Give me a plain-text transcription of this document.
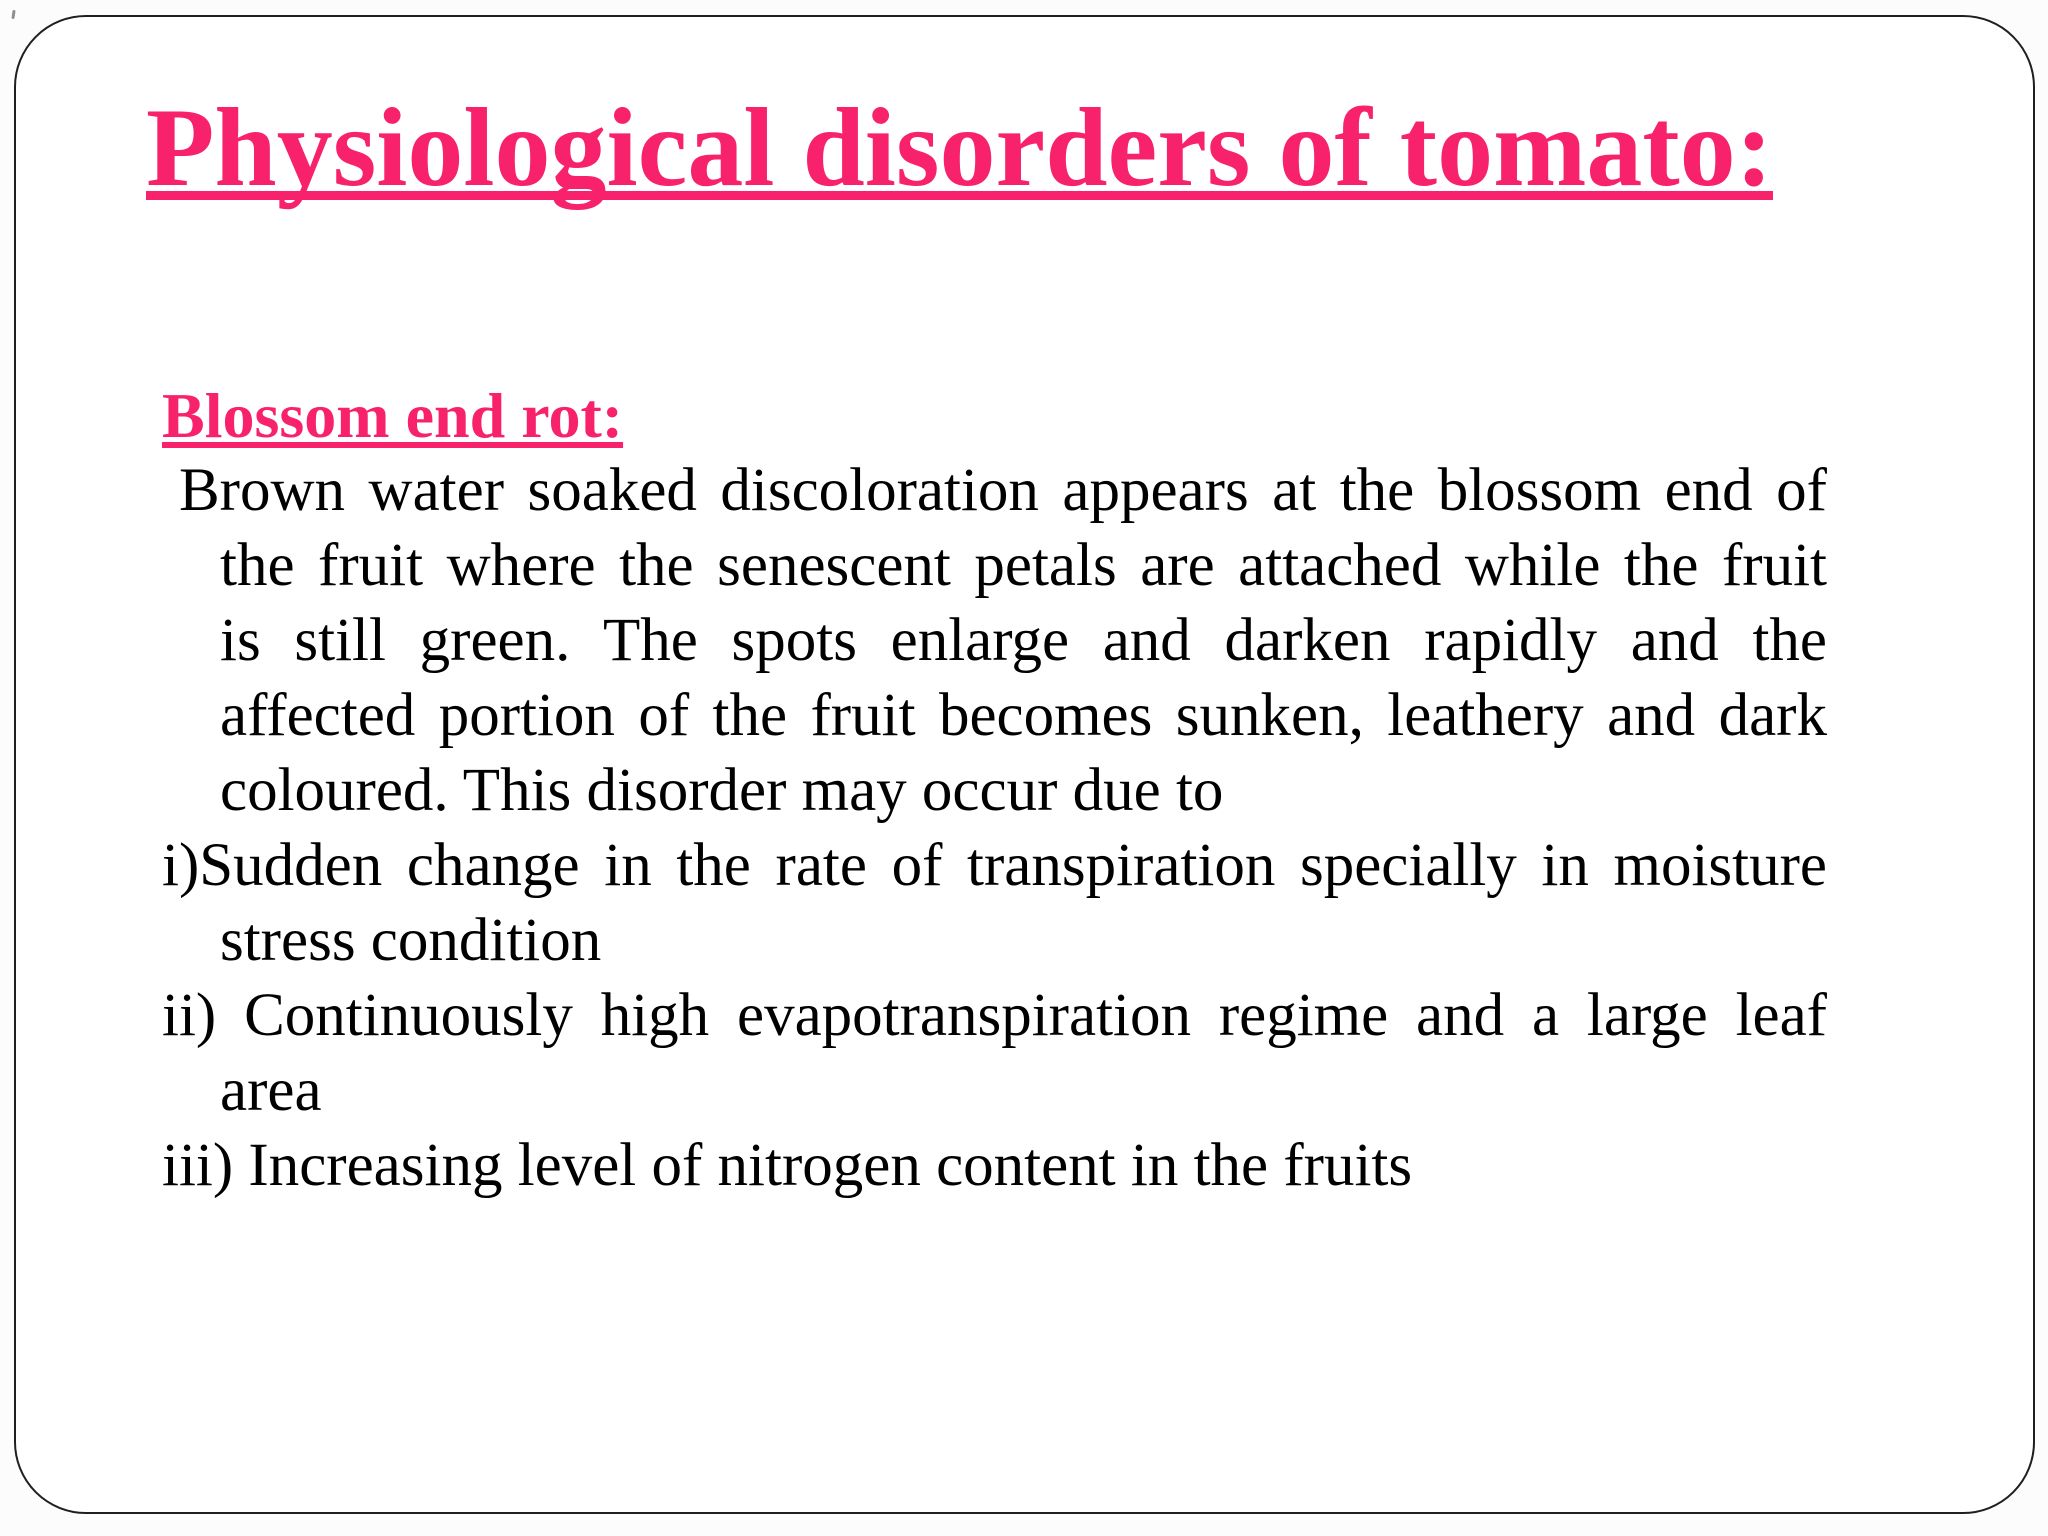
Physiological disorders of tomato:
Blossom end rot:
Brown water soaked discoloration appears at the blossom end of
the fruit where the senescent petals are attached while the fruit
is still green. The spots enlarge and darken rapidly and the
affected portion of the fruit becomes sunken, leathery and dark
coloured. This disorder may occur due to
i)Sudden change in the rate of transpiration specially in moisture
stress condition
ii) Continuously high evapotranspiration regime and a large leaf
area
iii) Increasing level of nitrogen content in the fruits
